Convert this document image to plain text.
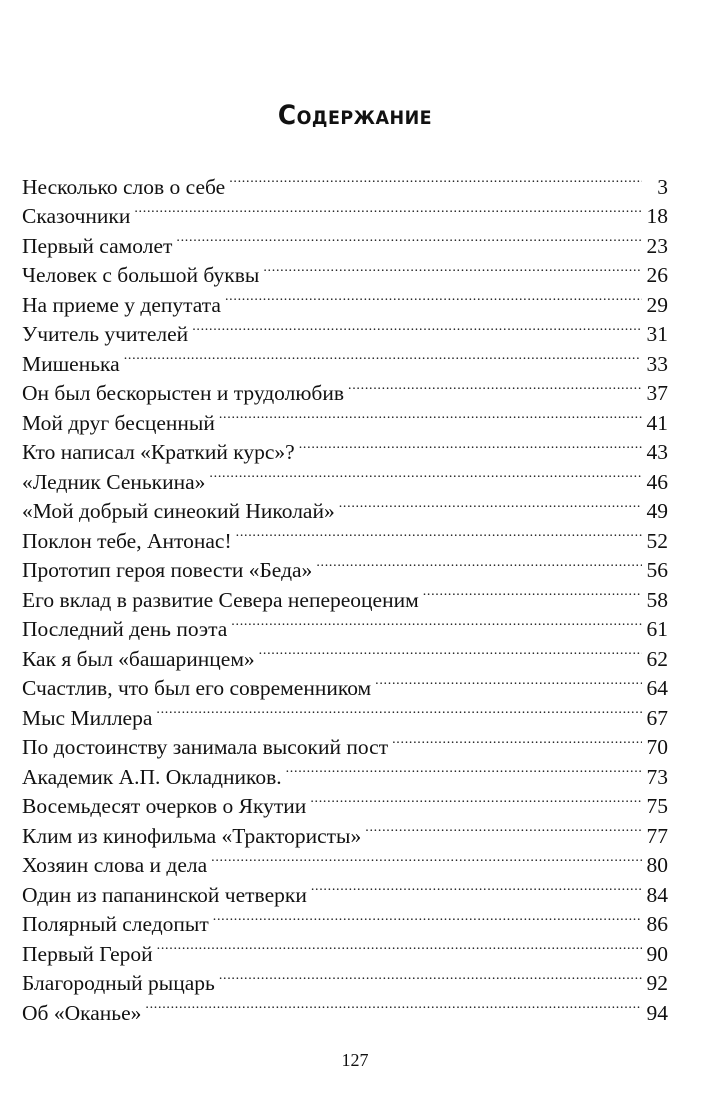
Содержание
Несколько слов о себе . . .	3
Сказочники . . .	18
Первый самолет . . .	23
Человек с большой буквы . . .	26
На приеме у депутата . . .	29
Учитель учителей . . .	31
Мишенька . . .	33
Он был бескорыстен и трудолюбив . . .	37
Мой друг бесценный . . .	41
Кто написал «Краткий курс»? . . .	43
«Ледник Сенькина» . . .	46
«Мой добрый синеокий Николай» . . .	49
Поклон тебе, Антонас! . . .	52
Прототип героя повести «Беда» . . .	56
Его вклад в развитие Севера непереоценим . . .	58
Последний день поэта . . .	61
Как я был «башаринцем» . . .	62
Счастлив, что был его современником . . .	64
Мыс Миллера . . .	67
По достоинству занимала высокий пост . . .	70
Академик А.П. Окладников. . . .	73
Восемьдесят очерков о Якутии . . .	75
Клим из кинофильма «Трактористы» . . .	77
Хозяин слова и дела . . .	80
Один из папанинской четверки . . .	84
Полярный следопыт . . .	86
Первый Герой . . .	90
Благородный рыцарь . . .	92
Об «Оканье» . . .	94
127
